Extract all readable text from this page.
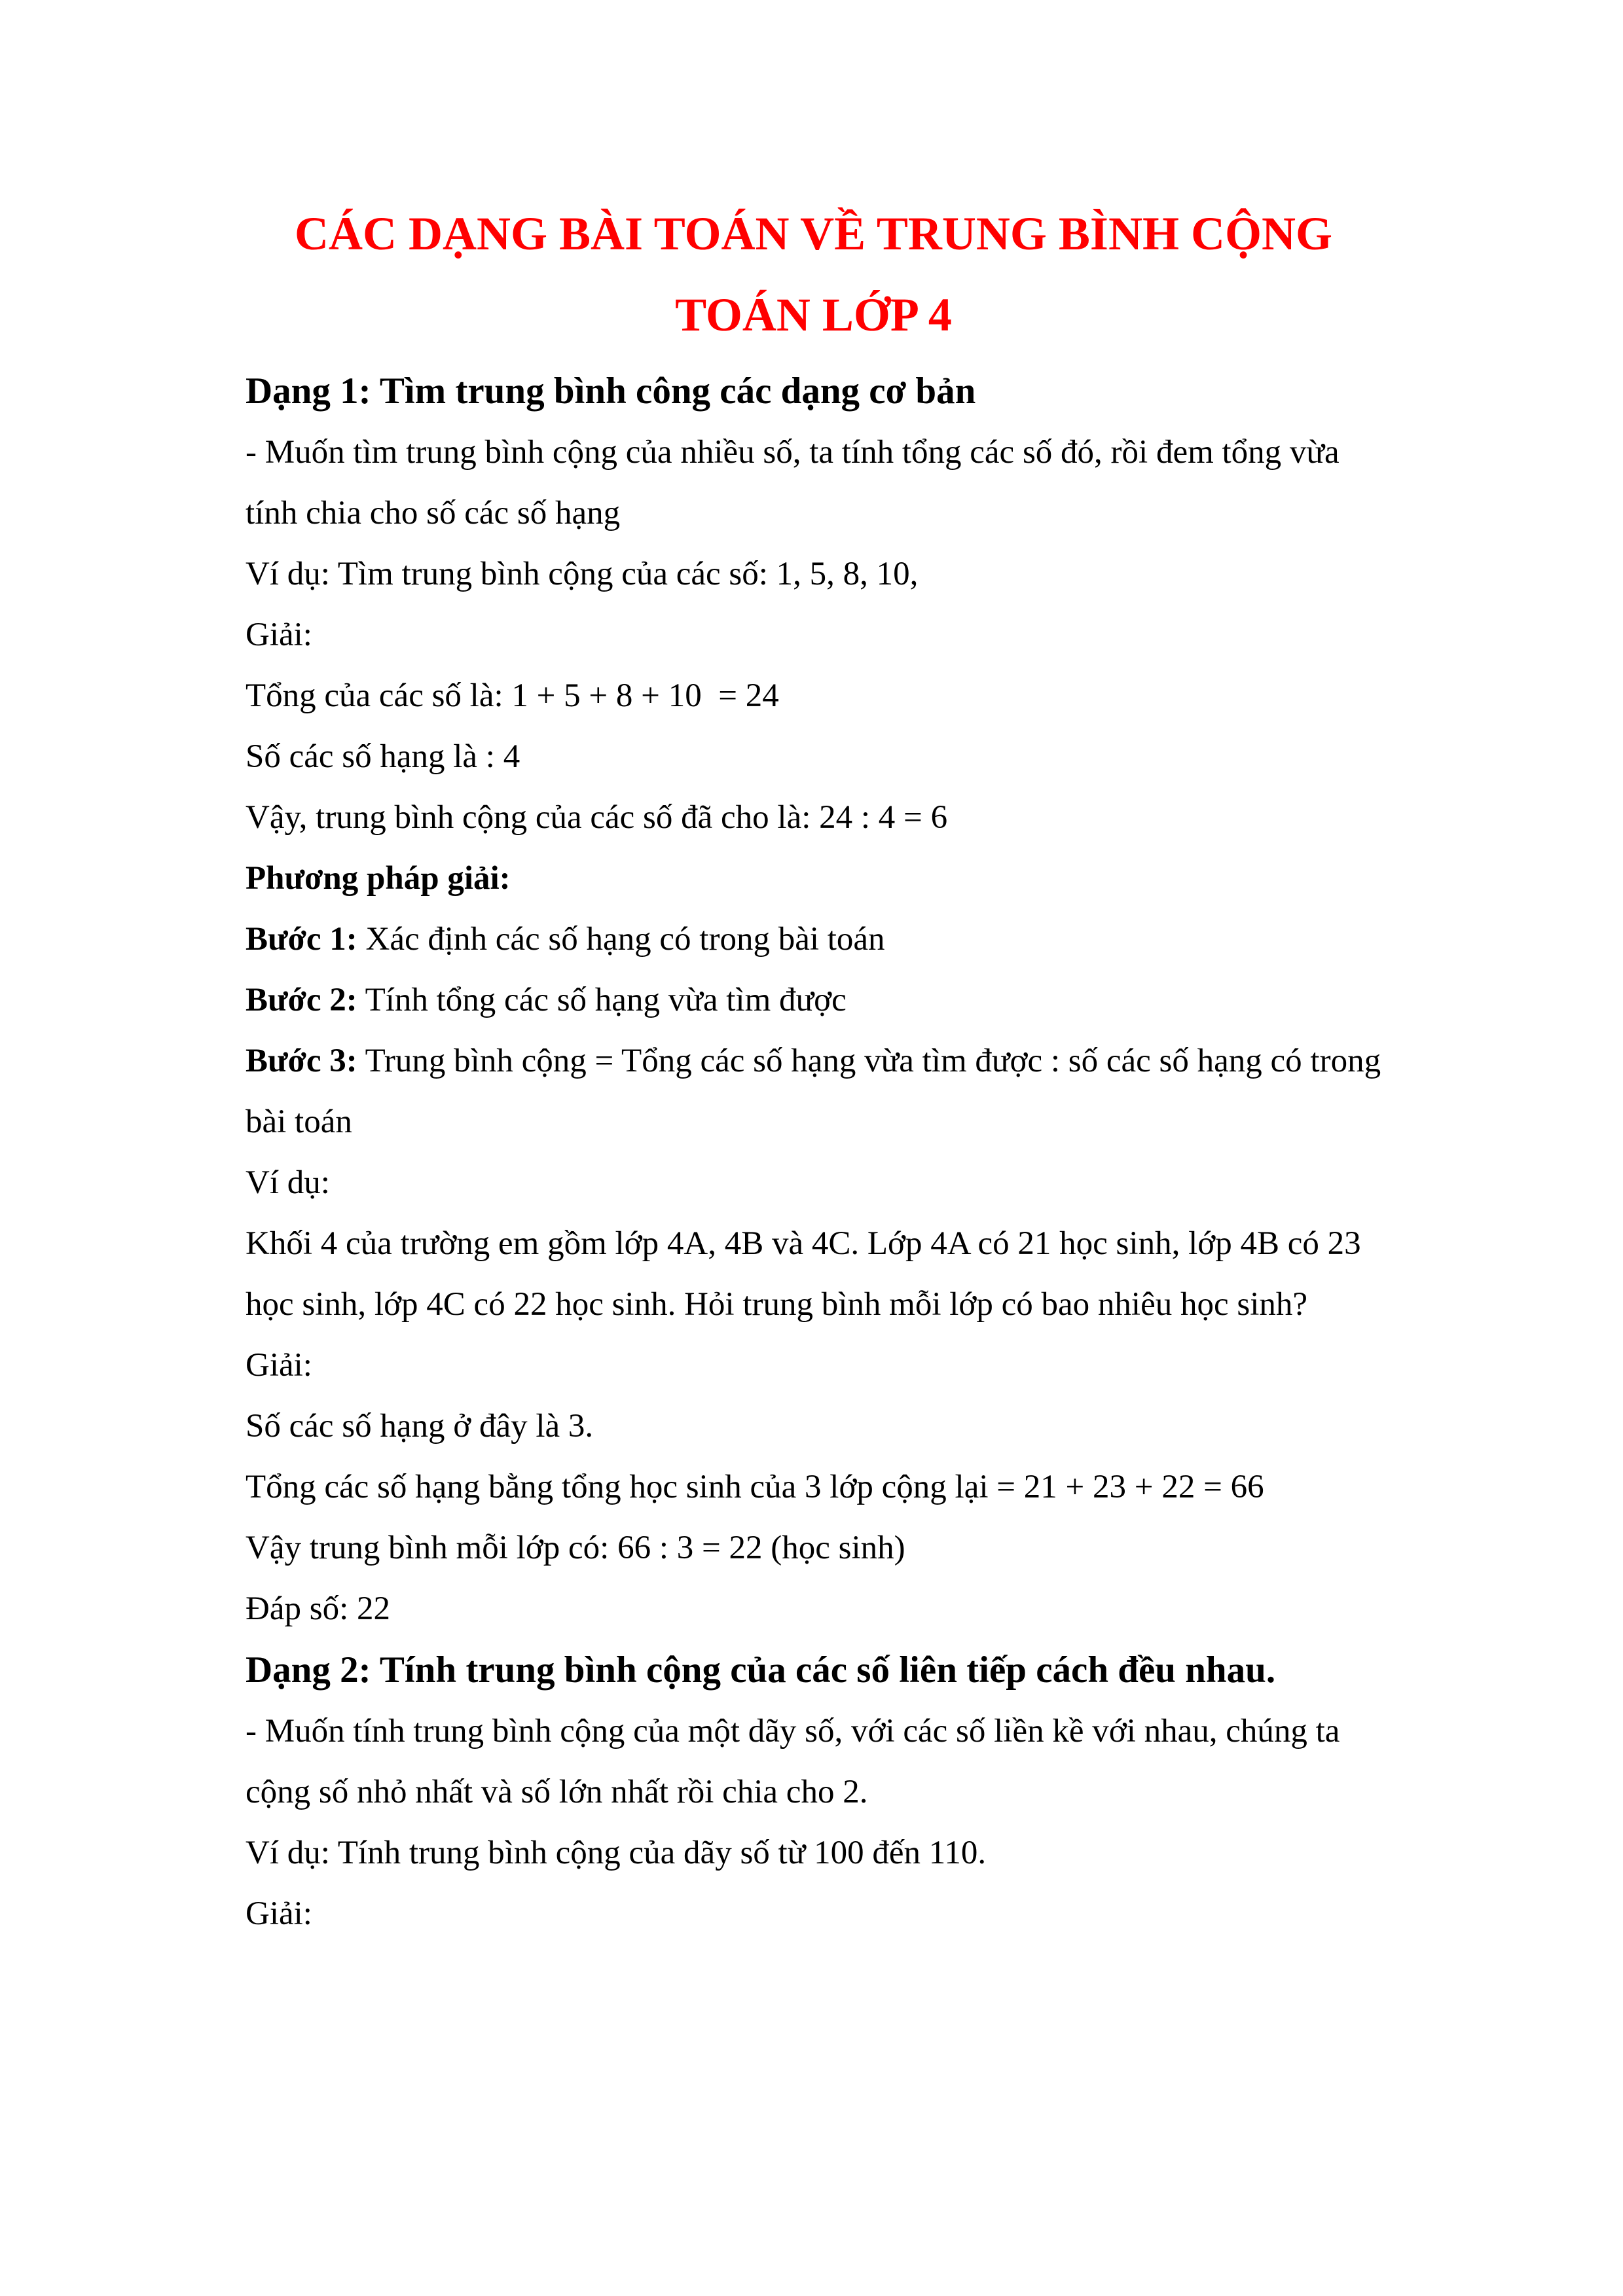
CÁC DẠNG BÀI TOÁN VỀ TRUNG BÌNH CỘNG
TOÁN LỚP 4

Dạng 1: Tìm trung bình công các dạng cơ bản

- Muốn tìm trung bình cộng của nhiều số, ta tính tổng các số đó, rồi đem tổng vừa tính chia cho số các số hạng

Ví dụ: Tìm trung bình cộng của các số: 1, 5, 8, 10,

Giải:

Tổng của các số là: 1 + 5 + 8 + 10  = 24

Số các số hạng là : 4

Vậy, trung bình cộng của các số đã cho là: 24 : 4 = 6

Phương pháp giải:

Bước 1: Xác định các số hạng có trong bài toán

Bước 2: Tính tổng các số hạng vừa tìm được

Bước 3: Trung bình cộng = Tổng các số hạng vừa tìm được : số các số hạng có trong bài toán

Ví dụ:

Khối 4 của trường em gồm lớp 4A, 4B và 4C. Lớp 4A có 21 học sinh, lớp 4B có 23 học sinh, lớp 4C có 22 học sinh. Hỏi trung bình mỗi lớp có bao nhiêu học sinh?

Giải:

Số các số hạng ở đây là 3.

Tổng các số hạng bằng tổng học sinh của 3 lớp cộng lại = 21 + 23 + 22 = 66

Vậy trung bình mỗi lớp có: 66 : 3 = 22 (học sinh)

Đáp số: 22

Dạng 2: Tính trung bình cộng của các số liên tiếp cách đều nhau.

- Muốn tính trung bình cộng của một dãy số, với các số liền kề với nhau, chúng ta cộng số nhỏ nhất và số lớn nhất rồi chia cho 2.

Ví dụ: Tính trung bình cộng của dãy số từ 100 đến 110.

Giải:
